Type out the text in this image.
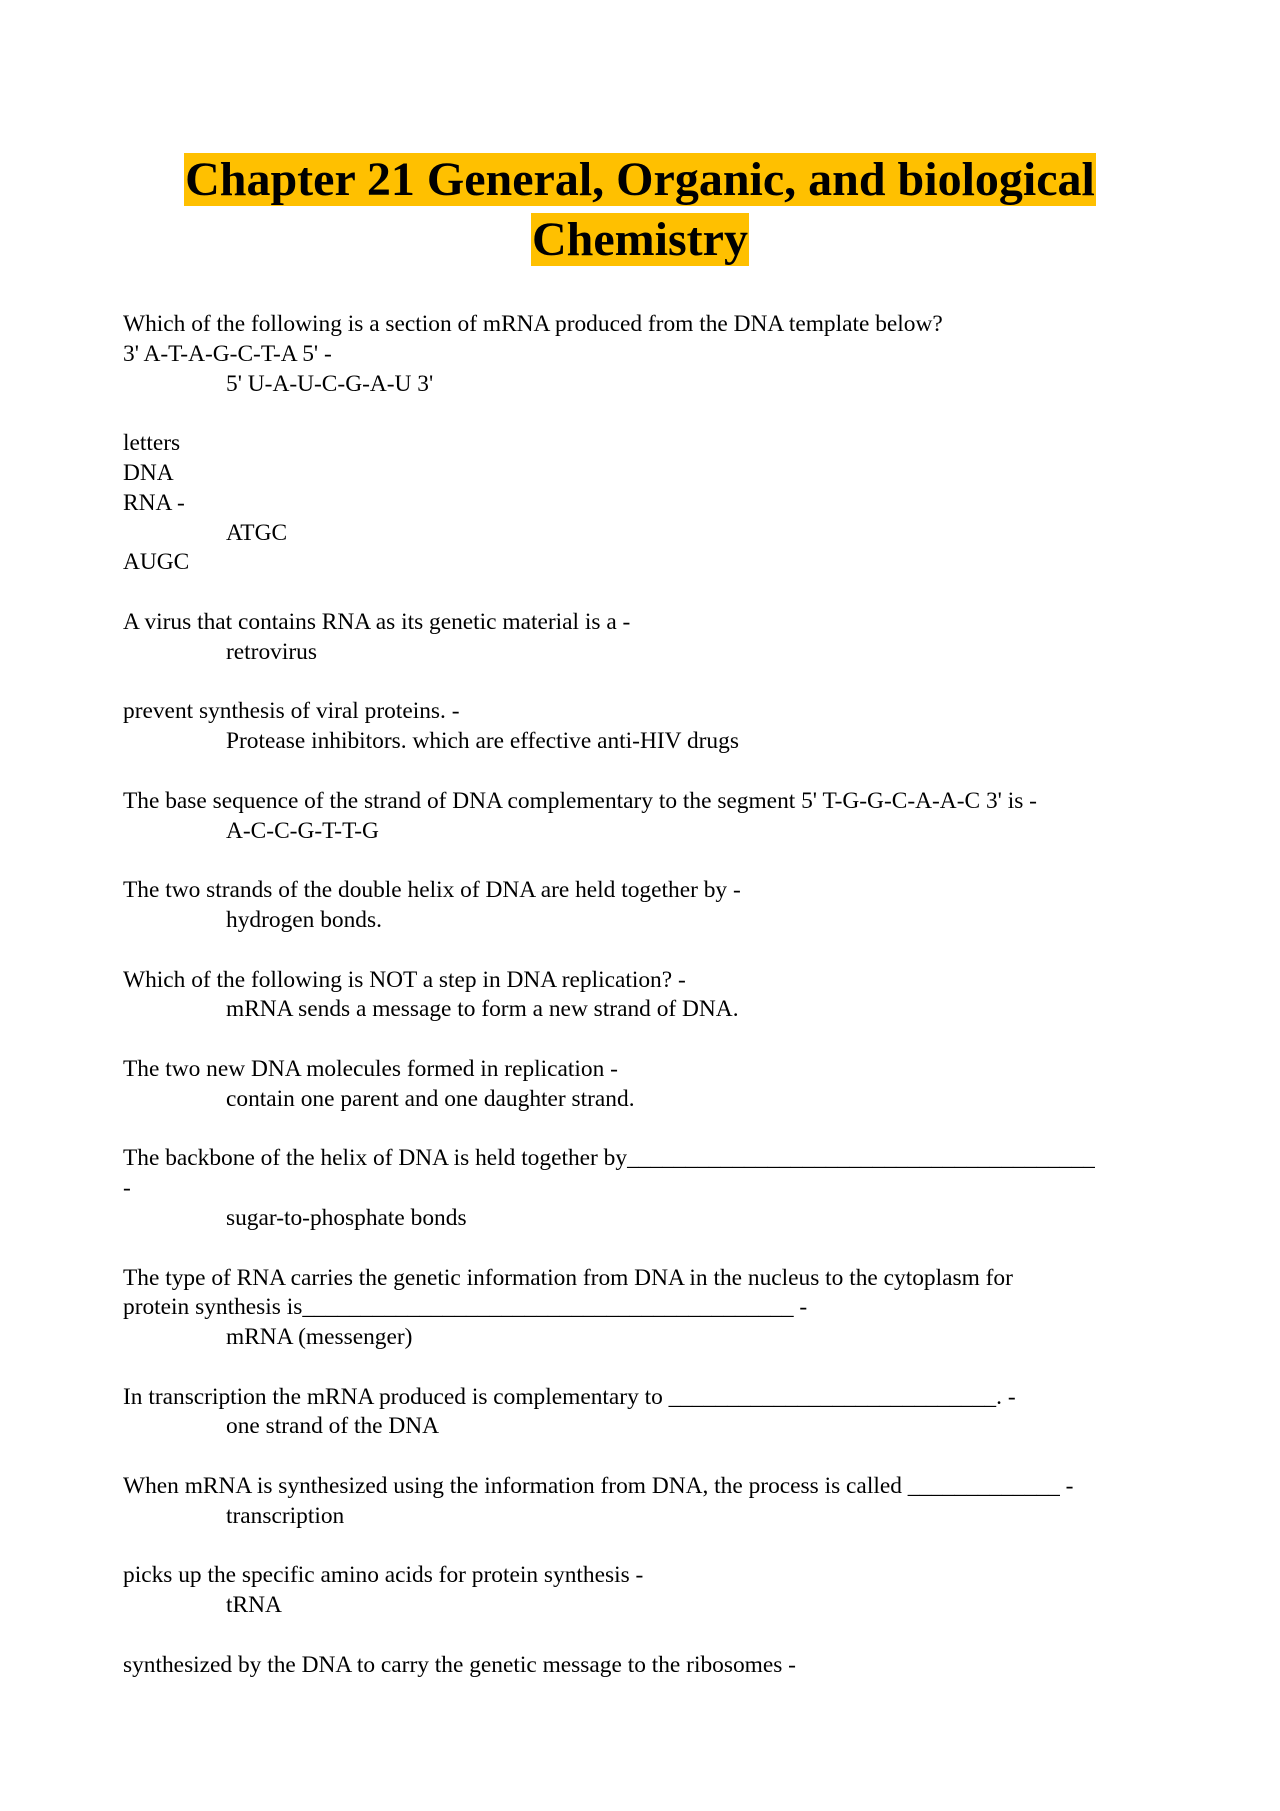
Chapter 21 General, Organic, and biological
Chemistry
Which of the following is a section of mRNA produced from the DNA template below?
3' A-T-A-G-C-T-A 5' -
5' U-A-U-C-G-A-U 3'
letters
DNA
RNA -
ATGC
AUGC
A virus that contains RNA as its genetic material is a -
retrovirus
prevent synthesis of viral proteins. -
Protease inhibitors. which are effective anti-HIV drugs
The base sequence of the strand of DNA complementary to the segment 5' T-G-G-C-A-A-C 3' is -
A-C-C-G-T-T-G
The two strands of the double helix of DNA are held together by -
hydrogen bonds.
Which of the following is NOT a step in DNA replication? -
mRNA sends a message to form a new strand of DNA.
The two new DNA molecules formed in replication -
contain one parent and one daughter strand.
The backbone of the helix of DNA is held together by________________________________________
-
sugar-to-phosphate bonds
The type of RNA carries the genetic information from DNA in the nucleus to the cytoplasm for
protein synthesis is__________________________________________ -
mRNA (messenger)
In transcription the mRNA produced is complementary to ____________________________. -
one strand of the DNA
When mRNA is synthesized using the information from DNA, the process is called _____________ -
transcription
picks up the specific amino acids for protein synthesis -
tRNA
synthesized by the DNA to carry the genetic message to the ribosomes -
